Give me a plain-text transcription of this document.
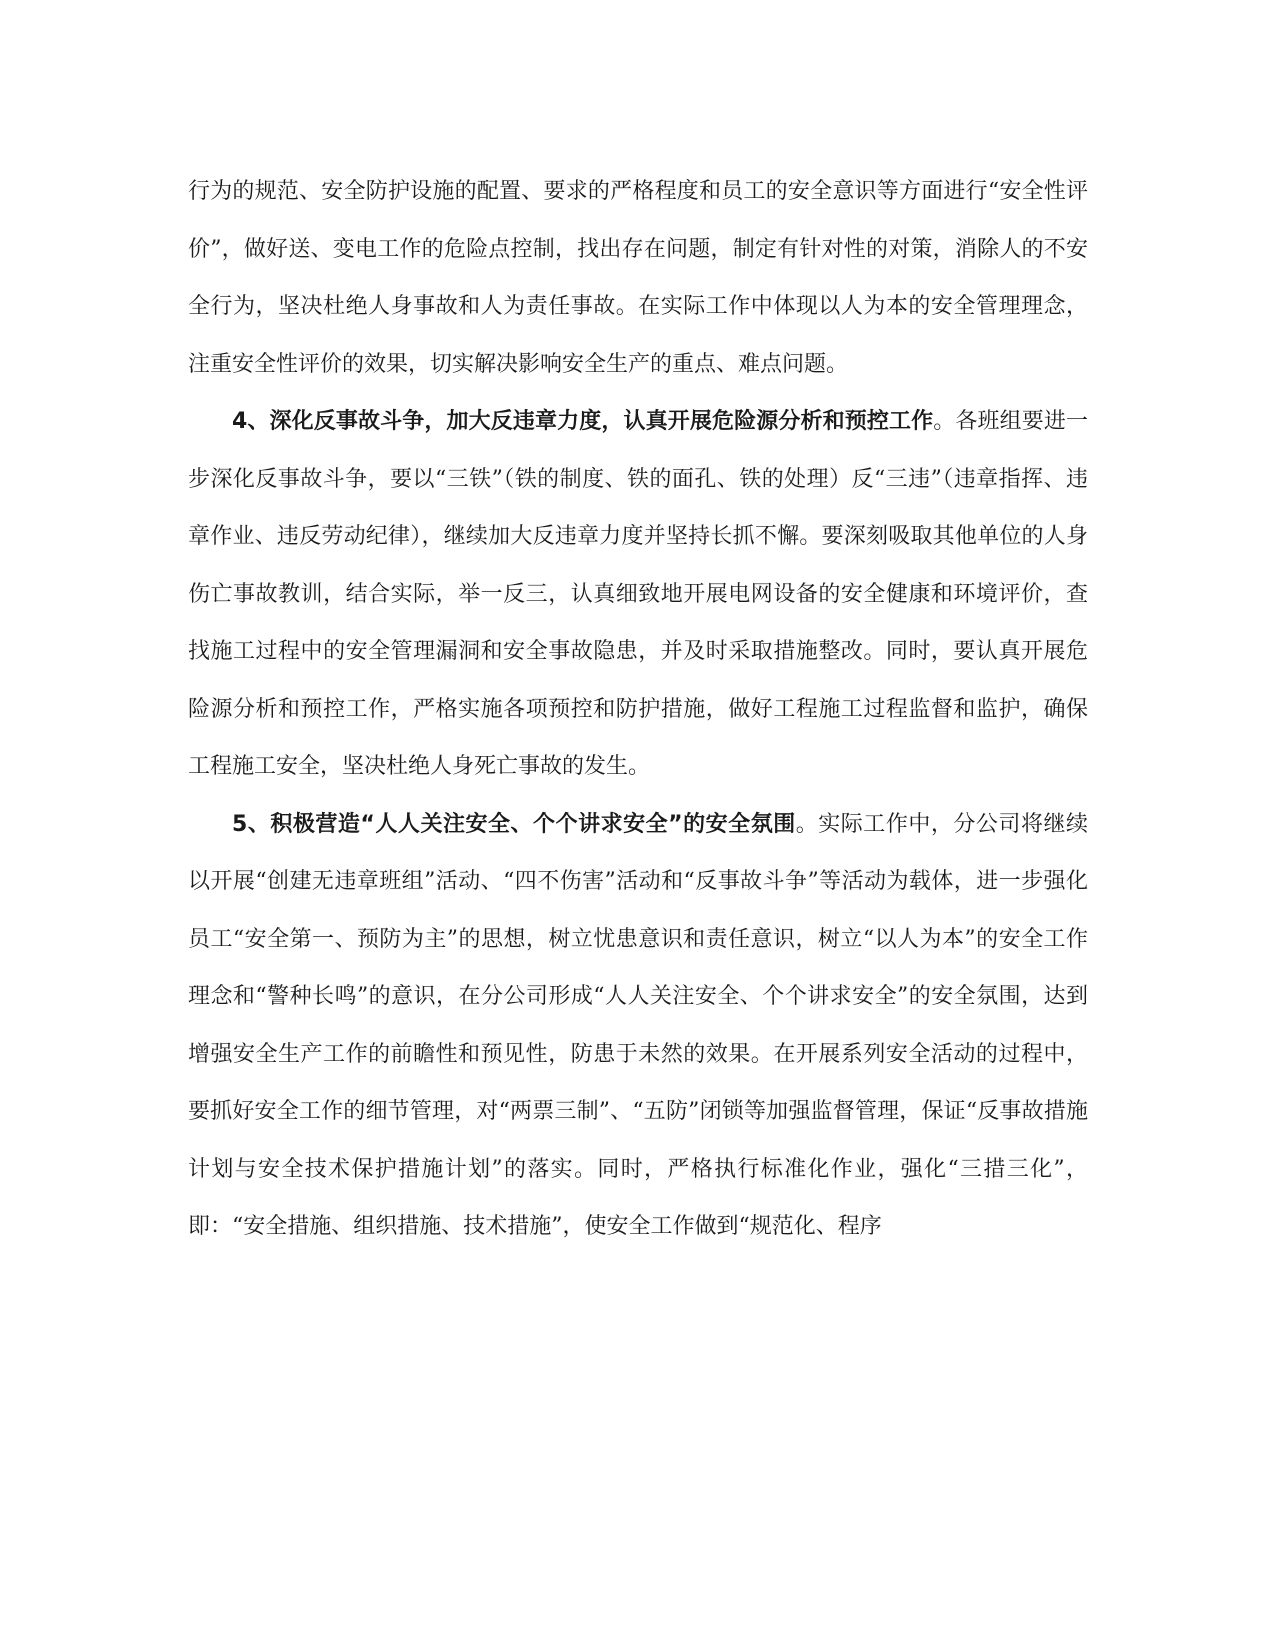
行为的规范、安全防护设施的配置、要求的严格程度和员工的安全意识等方面进行“安全性评价”，做好送、变电工作的危险点控制，找出存在问题，制定有针对性的对策，消除人的不安全行为，坚决杜绝人身事故和人为责任事故。在实际工作中体现以人为本的安全管理理念，注重安全性评价的效果，切实解决影响安全生产的重点、难点问题。

4、深化反事故斗争，加大反违章力度，认真开展危险源分析和预控工作。各班组要进一步深化反事故斗争，要以“三铁”（铁的制度、铁的面孔、铁的处理）反“三违”（违章指挥、违章作业、违反劳动纪律），继续加大反违章力度并坚持长抓不懈。要深刻吸取其他单位的人身伤亡事故教训，结合实际，举一反三，认真细致地开展电网设备的安全健康和环境评价，查找施工过程中的安全管理漏洞和安全事故隐患，并及时采取措施整改。同时，要认真开展危险源分析和预控工作，严格实施各项预控和防护措施，做好工程施工过程监督和监护，确保工程施工安全，坚决杜绝人身死亡事故的发生。

5、积极营造“人人关注安全、个个讲求安全”的安全氛围。实际工作中，分公司将继续以开展“创建无违章班组”活动、“四不伤害”活动和“反事故斗争”等活动为载体，进一步强化员工“安全第一、预防为主”的思想，树立忧患意识和责任意识，树立“以人为本”的安全工作理念和“警种长鸣”的意识，在分公司形成“人人关注安全、个个讲求安全”的安全氛围，达到增强安全生产工作的前瞻性和预见性，防患于未然的效果。在开展系列安全活动的过程中，要抓好安全工作的细节管理，对“两票三制”、“五防”闭锁等加强监督管理，保证“反事故措施计划与安全技术保护措施计划”的落实。同时，严格执行标准化作业，强化“三措三化”，即：“安全措施、组织措施、技术措施”，使安全工作做到“规范化、程序
